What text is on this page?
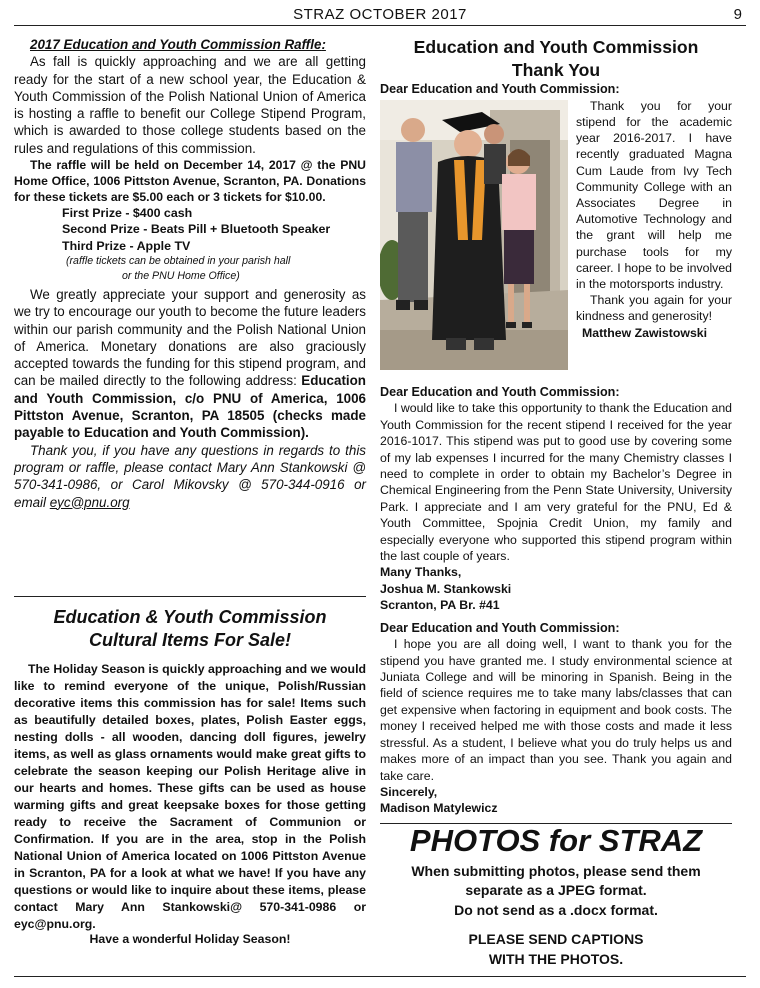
STRAZ OCTOBER 2017	9
2017 Education and Youth Commission Raffle:
As fall is quickly approaching and we are all getting ready for the start of a new school year, the Education & Youth Commission of the Polish National Union of America is hosting a raffle to benefit our College Stipend Program, which is awarded to those college students based on the rules and regulations of this commission.
The raffle will be held on December 14, 2017 @ the PNU Home Office, 1006 Pittston Avenue, Scranton, PA. Donations for these tickets are $5.00 each or 3 tickets for $10.00.
First Prize - $400 cash
Second Prize - Beats Pill + Bluetooth Speaker
Third Prize - Apple TV
(raffle tickets can be obtained in your parish hall
or the PNU Home Office)
We greatly appreciate your support and generosity as we try to encourage our youth to become the future leaders within our parish community and the Polish National Union of America. Monetary donations are also graciously accepted towards the funding for this stipend program, and can be mailed directly to the following address: Education and Youth Commission, c/o PNU of America, 1006 Pittston Avenue, Scranton, PA 18505 (checks made payable to Education and Youth Commission).
Thank you, if you have any questions in regards to this program or raffle, please contact Mary Ann Stankowski @ 570-341-0986, or Carol Mikovsky @ 570-344-0916 or email eyc@pnu.org
Education & Youth Commission
Cultural Items For Sale!

The Holiday Season is quickly approaching and we would like to remind everyone of the unique, Polish/Russian decorative items this commission has for sale! Items such as beautifully detailed boxes, plates, Polish Easter eggs, nesting dolls - all wooden, dancing doll figures, jewelry items, as well as glass ornaments would make great gifts to celebrate the season keeping our Polish Heritage alive in our hearts and homes. These gifts can be used as house warming gifts and great keepsake boxes for those getting ready to receive the Sacrament of Communion or Confirmation. If you are in the area, stop in the Polish National Union of America located on 1006 Pittston Avenue in Scranton, PA for a look at what we have! If you have any questions or would like to inquire about these items, please contact Mary Ann Stankowski@ 570-341-0986 or eyc@pnu.org.

Have a wonderful Holiday Season!
Education and Youth Commission
Thank You
Dear Education and Youth Commission:

Thank you for your stipend for the academic year 2016-2017. I have recently graduated Magna Cum Laude from Ivy Tech Community College with an Associates Degree in Automotive Technology and the grant will help me purchase tools for my career. I hope to be involved in the motorsports industry.

Thank you again for your kindness and generosity!

Matthew Zawistowski
Dear Education and Youth Commission:

I would like to take this opportunity to thank the Education and Youth Commission for the recent stipend I received for the year 2016-1017. This stipend was put to good use by covering some of my lab expenses I incurred for the many Chemistry classes I need to complete in order to obtain my Bachelor’s Degree in Chemical Engineering from the Penn State University, University Park. I appreciate and I am very grateful for the PNU, Ed & Youth Committee, Spojnia Credit Union, my family and especially everyone who supported this stipend program within the last couple of years.

Many Thanks,
Joshua M. Stankowski
Scranton, PA Br. #41
Dear Education and Youth Commission:

I hope you are all doing well, I want to thank you for the stipend you have granted me. I study environmental science at Juniata College and will be minoring in Spanish. Being in the field of science requires me to take many labs/classes that can get expensive when factoring in equipment and book costs. The money I received helped me with those costs and made it less stressful. As a student, I believe what you do truly helps us and makes more of an impact than you see. Thank you again and take care.

Sincerely,
Madison Matylewicz
PHOTOS for STRAZ
When submitting photos, please send them
separate as a JPEG format.
Do not send as a .docx format.
PLEASE SEND CAPTIONS
WITH THE PHOTOS.
